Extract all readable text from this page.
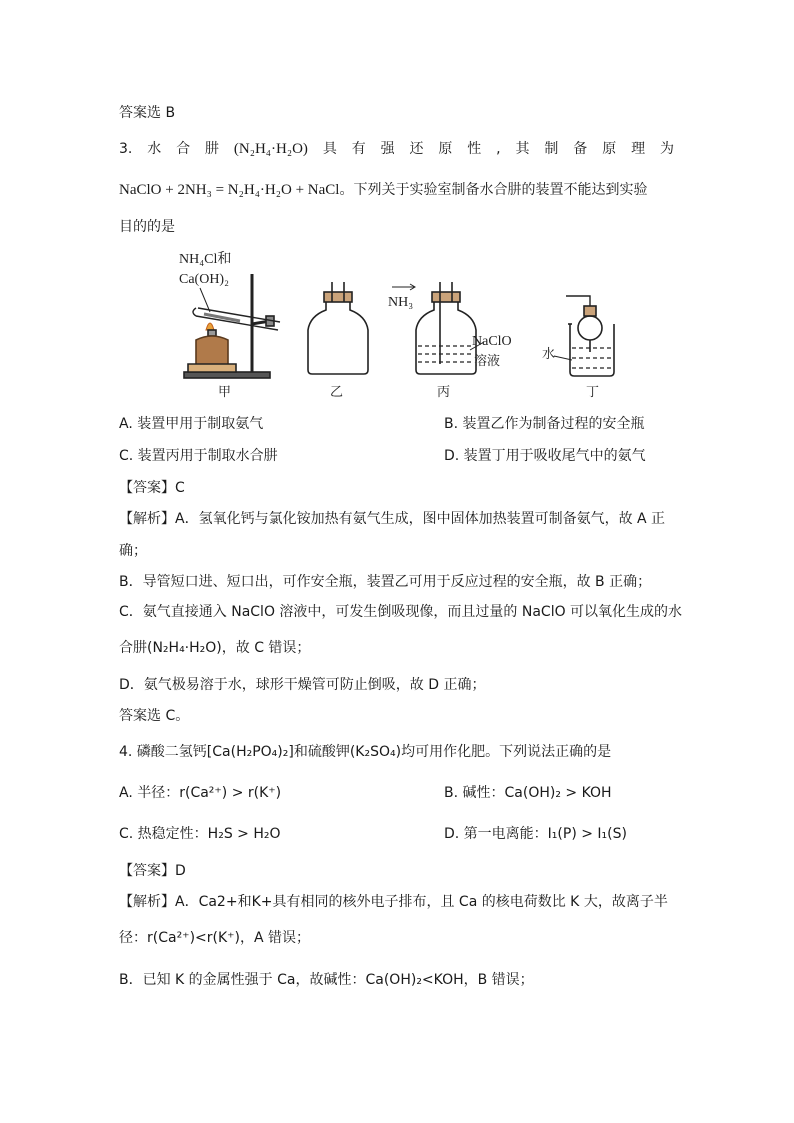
答案选 B
3. 水 合 肼 (N₂H₄·H₂O) 具 有 强 还 原 性 , 其 制 备 原 理 为
NaClO + 2NH₃ = N₂H₄·H₂O + NaCl。下列关于实验室制备水合肼的装置不能达到实验
目的的是
NH₄Cl和
Ca(OH)₂
甲	乙
NH₃
NaClO
溶液
丙
水
丁
A. 装置甲用于制取氨气	B. 装置乙作为制备过程的安全瓶
C. 装置丙用于制取水合肼	D. 装置丁用于吸收尾气中的氨气
【答案】C
【解析】A．氢氧化钙与氯化铵加热有氨气生成，图中固体加热装置可制备氨气，故 A 正
确；
B．导管短口进、短口出，可作安全瓶，装置乙可用于反应过程的安全瓶，故 B 正确；
C．氨气直接通入 NaClO 溶液中，可发生倒吸现像，而且过量的 NaClO 可以氧化生成的水
合肼(N₂H₄·H₂O)，故 C 错误；
D．氨气极易溶于水，球形干燥管可防止倒吸，故 D 正确；
答案选 C。
4. 磷酸二氢钙[Ca(H₂PO₄)₂]和硫酸钾(K₂SO₄)均可用作化肥。下列说法正确的是
A. 半径：r(Ca²⁺) > r(K⁺)	B. 碱性：Ca(OH)₂ > KOH
C. 热稳定性：H₂S > H₂O	D. 第一电离能：I₁(P) > I₁(S)
【答案】D
【解析】A．Ca2+和K+具有相同的核外电子排布，且 Ca 的核电荷数比 K 大，故离子半
径：r(Ca²⁺)<r(K⁺)，A 错误；
B．已知 K 的金属性强于 Ca，故碱性：Ca(OH)₂<KOH，B 错误；
